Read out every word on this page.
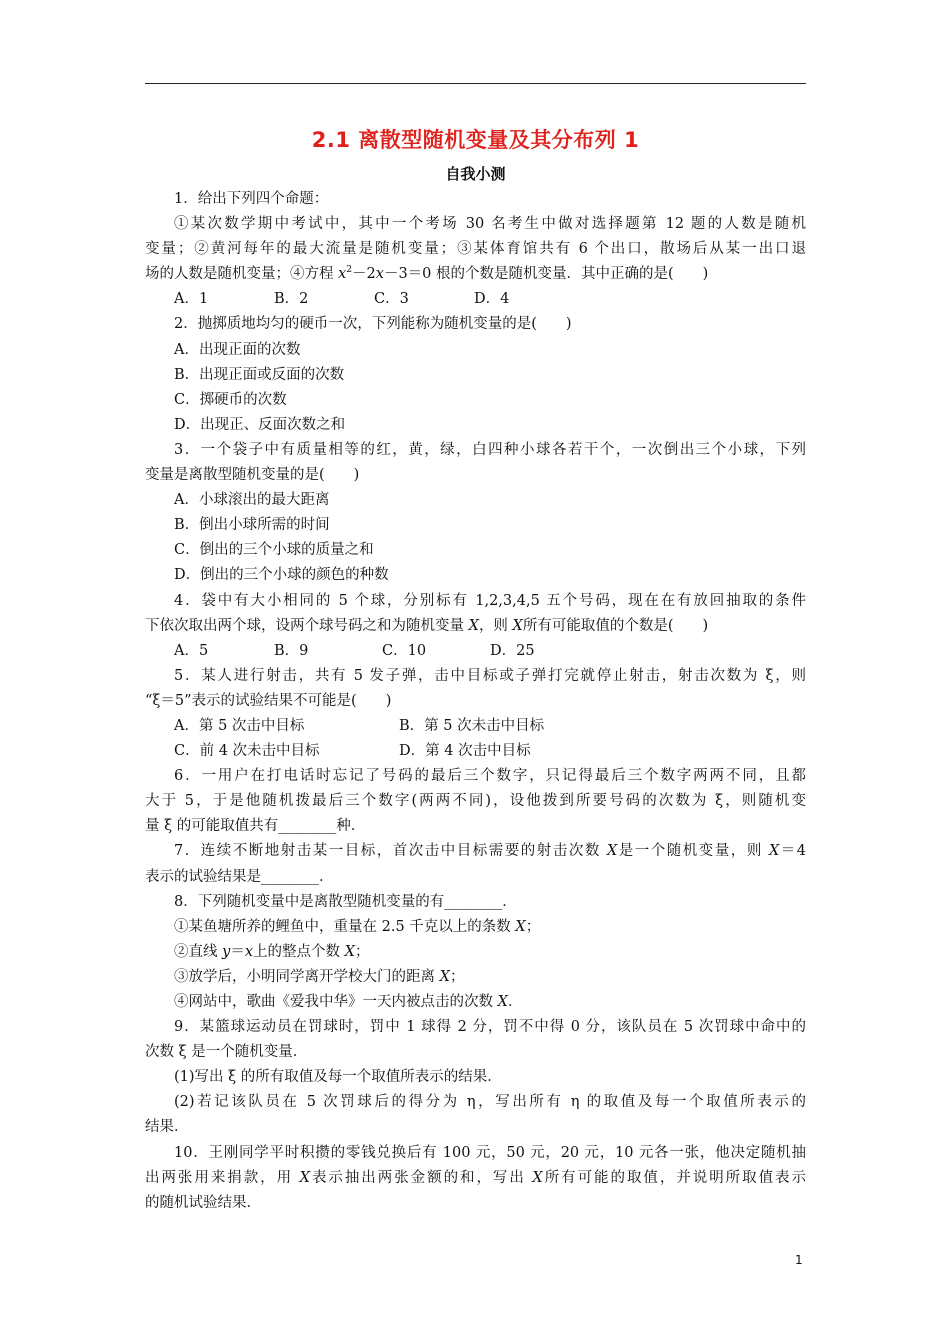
2.1 离散型随机变量及其分布列 1
自我小测
1．给出下列四个命题：
①某次数学期中考试中，其中一个考场 30 名考生中做对选择题第 12 题的人数是随机
变量；②黄河每年的最大流量是随机变量；③某体育馆共有 6 个出口，散场后从某一出口退
场的人数是随机变量；④方程 $x^2-2x-3=0$ 根的个数是随机变量．其中正确的是(　　)
A．1	B．2	C．3	D．4
2．抛掷质地均匀的硬币一次，下列能称为随机变量的是(　　)
A．出现正面的次数
B．出现正面或反面的次数
C．掷硬币的次数
D．出现正、反面次数之和
3．一个袋子中有质量相等的红，黄，绿，白四种小球各若干个，一次倒出三个小球，下列
变量是离散型随机变量的是(　　)
A．小球滚出的最大距离
B．倒出小球所需的时间
C．倒出的三个小球的质量之和
D．倒出的三个小球的颜色的种数
4．袋中有大小相同的 5 个球，分别标有 1,2,3,4,5 五个号码，现在在有放回抽取的条件
下依次取出两个球，设两个球号码之和为随机变量 X，则 X所有可能取值的个数是(　　)
A．5	B．9	C．10	D．25
5．某人进行射击，共有 5 发子弹，击中目标或子弹打完就停止射击，射击次数为 ξ，则
“ξ＝5”表示的试验结果不可能是(　　)
A．第 5 次击中目标	B．第 5 次未击中目标
C．前 4 次未击中目标	D．第 4 次击中目标
6．一用户在打电话时忘记了号码的最后三个数字，只记得最后三个数字两两不同，且都
大于 5，于是他随机拨最后三个数字(两两不同)，设他拨到所要号码的次数为 ξ，则随机变
量 ξ 的可能取值共有________种．
7．连续不断地射击某一目标，首次击中目标需要的射击次数 X是一个随机变量，则 X＝4
表示的试验结果是________．
8．下列随机变量中是离散型随机变量的有________．
①某鱼塘所养的鲤鱼中，重量在 2.5 千克以上的条数 X；
②直线 y＝x上的整点个数 X；
③放学后，小明同学离开学校大门的距离 X；
④网站中，歌曲《爱我中华》一天内被点击的次数 X．
9．某篮球运动员在罚球时，罚中 1 球得 2 分，罚不中得 0 分，该队员在 5 次罚球中命中的
次数 ξ 是一个随机变量．
(1)写出 ξ 的所有取值及每一个取值所表示的结果．
(2)若记该队员在 5 次罚球后的得分为 η，写出所有 η 的取值及每一个取值所表示的
结果．
10．王刚同学平时积攒的零钱兑换后有 100 元，50 元，20 元，10 元各一张，他决定随机抽
出两张用来捐款，用 X表示抽出两张金额的和，写出 X所有可能的取值，并说明所取值表示
的随机试验结果．
1
